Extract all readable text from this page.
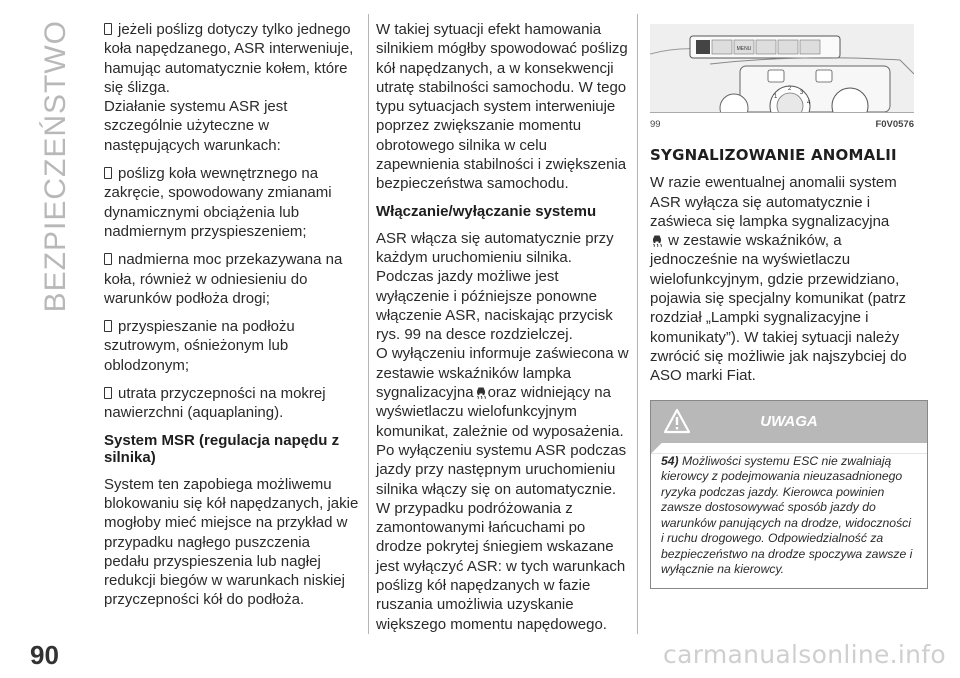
BEZPIECZEŃSTWO	jeżeli poślizg dotyczy tylko jednego koła napędzanego, ASR interweniuje, hamując automatycznie kołem, które się ślizga.

Działanie systemu ASR jest szczególnie użyteczne w następujących warunkach:

poślizg koła wewnętrznego na zakręcie, spowodowany zmianami dynamicznymi obciążenia lub nadmiernym przyspieszeniem;

nadmierna moc przekazywana na koła, również w odniesieniu do warunków podłoża drogi;

przyspieszanie na podłożu szutrowym, ośnieżonym lub oblodzonym;

utrata przyczepności na mokrej nawierzchni (aquaplaning).

System MSR (regulacja napędu z silnika)

System ten zapobiega możliwemu blokowaniu się kół napędzanych, jakie mogłoby mieć miejsce na przykład w przypadku nagłego puszczenia pedału przyspieszenia lub nagłej redukcji biegów w warunkach niskiej przyczepności kół do podłoża.

W takiej sytuacji efekt hamowania silnikiem mógłby spowodować poślizg kół napędzanych, a w konsekwencji utratę stabilności samochodu. W tego typu sytuacjach system interweniuje poprzez zwiększanie momentu obrotowego silnika w celu zapewnienia stabilności i zwiększenia bezpieczeństwa samochodu.

Włączanie/wyłączanie systemu

ASR włącza się automatycznie przy każdym uruchomieniu silnika.

Podczas jazdy możliwe jest wyłączenie i późniejsze ponowne włączenie ASR, naciskając przycisk rys. 99 na desce rozdzielczej.

O wyłączeniu informuje zaświecona w zestawie wskaźników lampka sygnalizacyjna oraz widniejący na wyświetlaczu wielofunkcyjnym komunikat, zależnie od wyposażenia.

Po wyłączeniu systemu ASR podczas jazdy przy następnym uruchomieniu silnika włączy się on automatycznie.

W przypadku podróżowania z zamontowanymi łańcuchami po drodze pokrytej śniegiem wskazane jest wyłączyć ASR: w tych warunkach poślizg kół napędzanych w fazie ruszania umożliwia uzyskanie większego momentu napędowego.

MENU
1
2
3
4
99	F0V0576
SYGNALIZOWANIE ANOMALII

W razie ewentualnej anomalii system ASR wyłącza się automatycznie i zaświeca się lampka sygnalizacyjna
w zestawie wskaźników, a jednocześnie na wyświetlaczu wielofunkcyjnym, gdzie przewidziano, pojawia się specjalny komunikat (patrz rozdział „Lampki sygnalizacyjne i komunikaty”). W takiej sytuacji należy zwrócić się możliwie jak najszybciej do ASO marki Fiat.

UWAGA
54) Możliwości systemu ESC nie zwalniają kierowcy z podejmowania nieuzasadnionego ryzyka podczas jazdy. Kierowca powinien zawsze dostosowywać sposób jazdy do warunków panujących na drodze, widoczności i ruchu drogowego. Odpowiedzialność za bezpieczeństwo na drodze spoczywa zawsze i wyłącznie na kierowcy.
90	carmanualsonline.info
